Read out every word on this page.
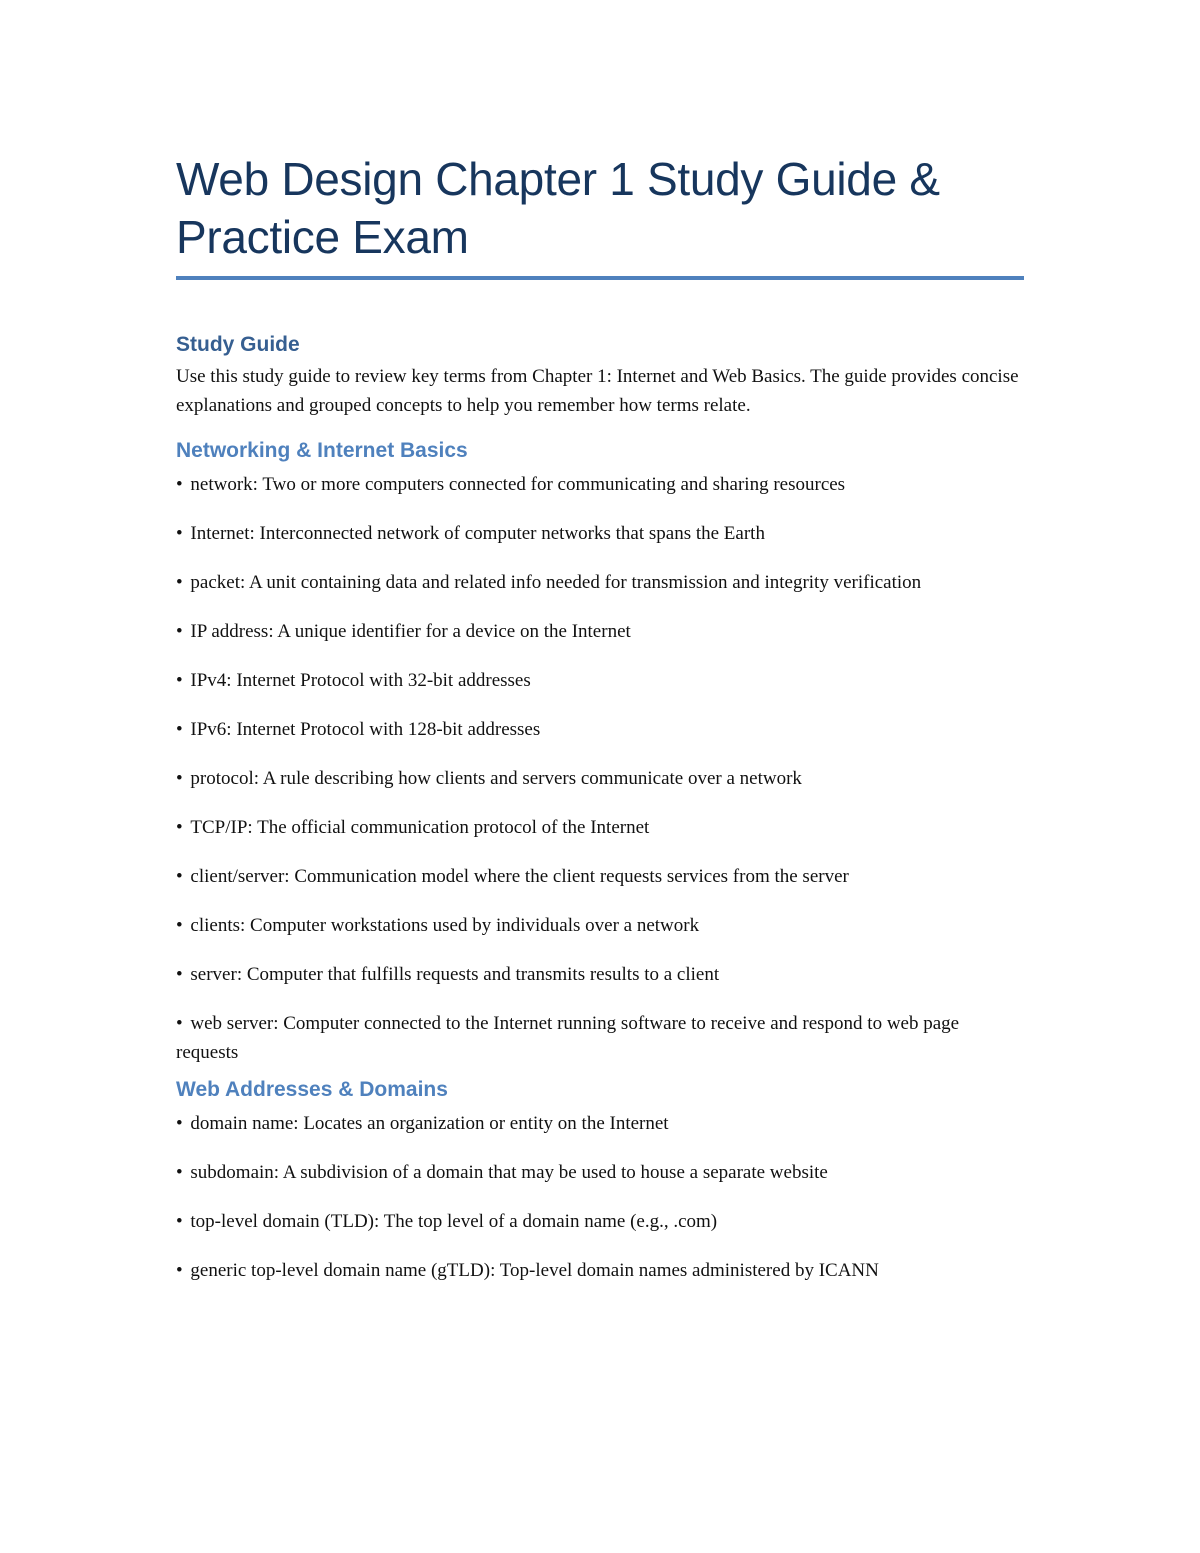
Web Design Chapter 1 Study Guide & Practice Exam
Study Guide

Use this study guide to review key terms from Chapter 1: Internet and Web Basics. The guide provides concise explanations and grouped concepts to help you remember how terms relate.

Networking & Internet Basics
• network: Two or more computers connected for communicating and sharing resources
• Internet: Interconnected network of computer networks that spans the Earth
• packet: A unit containing data and related info needed for transmission and integrity verification
• IP address: A unique identifier for a device on the Internet
• IPv4: Internet Protocol with 32-bit addresses
• IPv6: Internet Protocol with 128-bit addresses
• protocol: A rule describing how clients and servers communicate over a network
• TCP/IP: The official communication protocol of the Internet
• client/server: Communication model where the client requests services from the server
• clients: Computer workstations used by individuals over a network
• server: Computer that fulfills requests and transmits results to a client
• web server: Computer connected to the Internet running software to receive and respond to web page requests
Web Addresses & Domains
• domain name: Locates an organization or entity on the Internet
• subdomain: A subdivision of a domain that may be used to house a separate website
• top-level domain (TLD): The top level of a domain name (e.g., .com)
• generic top-level domain name (gTLD): Top-level domain names administered by ICANN
